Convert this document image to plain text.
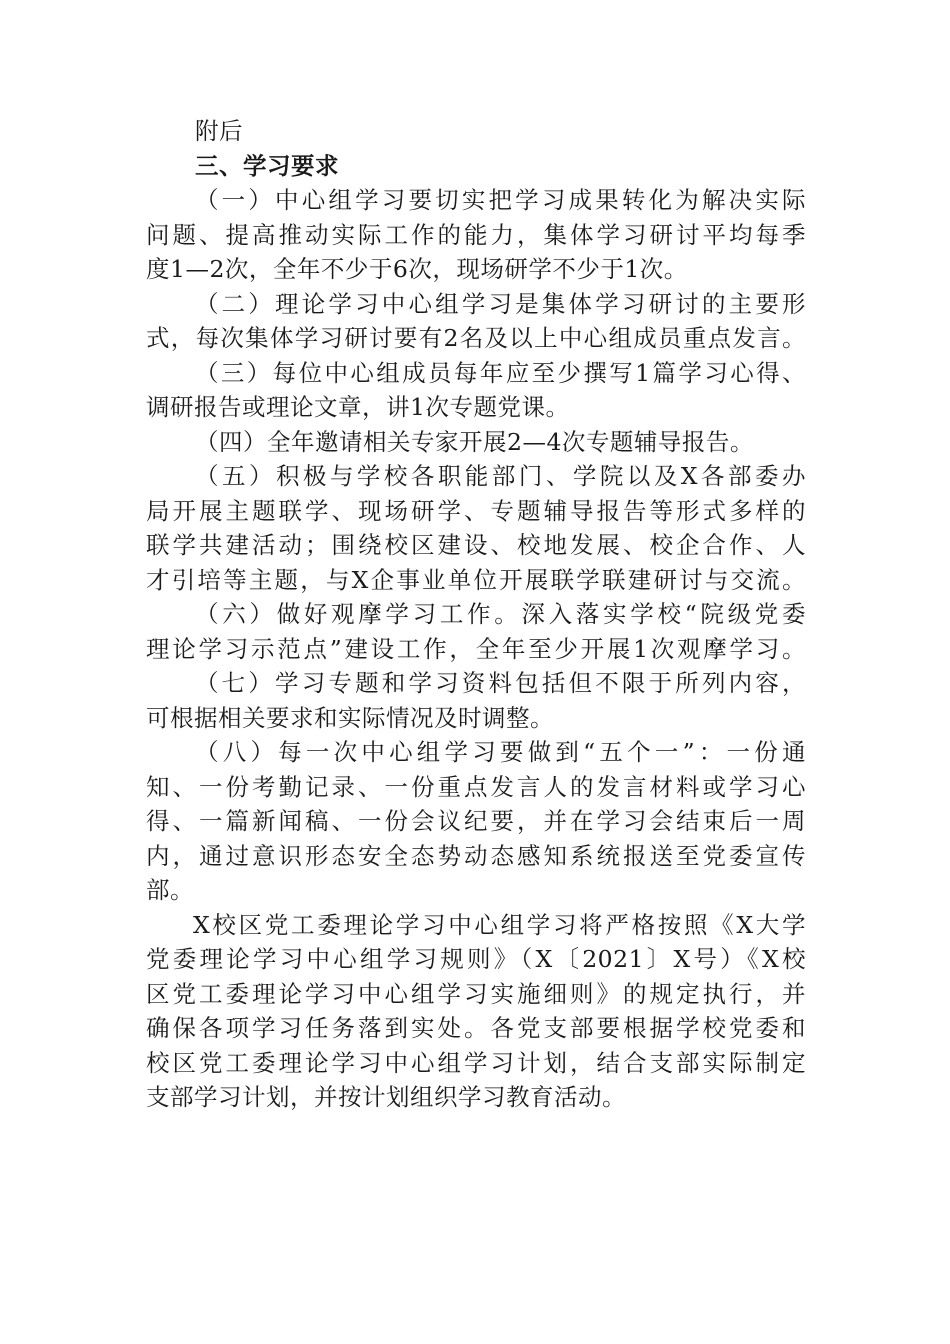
附后
三、学习要求
（一）中心组学习要切实把学习成果转化为解决实际
问题、提高推动实际工作的能力，集体学习研讨平均每季
度1—2次，全年不少于6次，现场研学不少于1次。
（二）理论学习中心组学习是集体学习研讨的主要形
式，每次集体学习研讨要有2名及以上中心组成员重点发言。
（三）每位中心组成员每年应至少撰写1篇学习心得、
调研报告或理论文章，讲1次专题党课。
（四）全年邀请相关专家开展2—4次专题辅导报告。
（五）积极与学校各职能部门、学院以及X各部委办
局开展主题联学、现场研学、专题辅导报告等形式多样的
联学共建活动；围绕校区建设、校地发展、校企合作、人
才引培等主题，与X企事业单位开展联学联建研讨与交流。
（六）做好观摩学习工作。深入落实学校“院级党委
理论学习示范点”建设工作，全年至少开展1次观摩学习。
（七）学习专题和学习资料包括但不限于所列内容，
可根据相关要求和实际情况及时调整。
（八）每一次中心组学习要做到“五个一”：一份通
知、一份考勤记录、一份重点发言人的发言材料或学习心
得、一篇新闻稿、一份会议纪要，并在学习会结束后一周
内，通过意识形态安全态势动态感知系统报送至党委宣传
部。
X校区党工委理论学习中心组学习将严格按照《X大学
党委理论学习中心组学习规则》（X〔2021〕X号）《X校
区党工委理论学习中心组学习实施细则》的规定执行，并
确保各项学习任务落到实处。各党支部要根据学校党委和
校区党工委理论学习中心组学习计划，结合支部实际制定
支部学习计划，并按计划组织学习教育活动。
